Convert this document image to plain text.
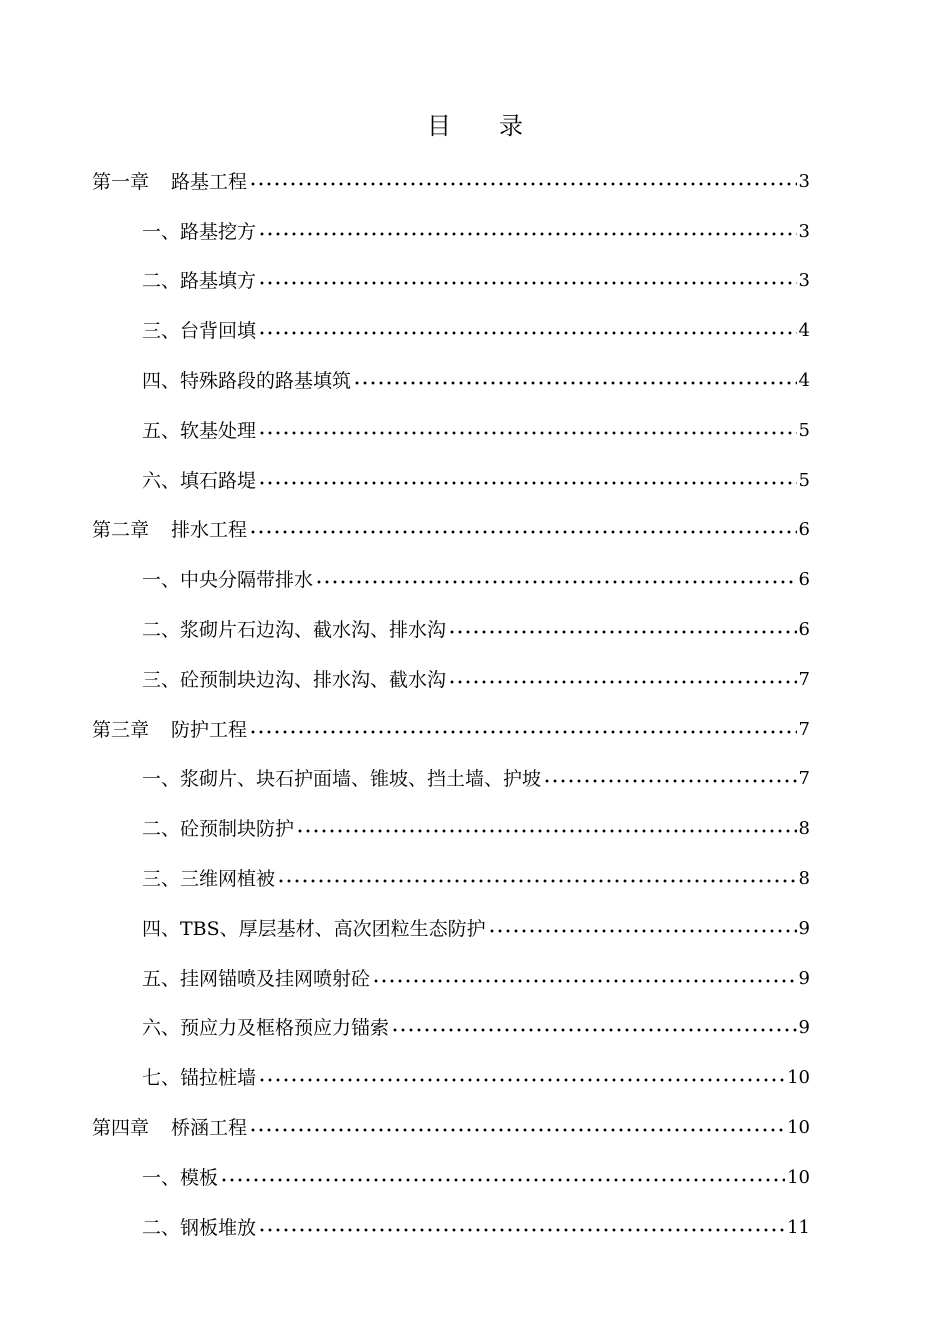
目　　录
第一章 路基工程	3
一、路基挖方	3
二、路基填方	3
三、台背回填	4
四、特殊路段的路基填筑	4
五、软基处理	5
六、填石路堤	5
第二章 排水工程	6
一、中央分隔带排水	6
二、浆砌片石边沟、截水沟、排水沟	6
三、砼预制块边沟、排水沟、截水沟	7
第三章 防护工程	7
一、浆砌片、块石护面墙、锥坡、挡土墙、护坡	7
二、砼预制块防护	8
三、三维网植被	8
四、TBS、厚层基材、高次团粒生态防护	9
五、挂网锚喷及挂网喷射砼	9
六、预应力及框格预应力锚索	9
七、锚拉桩墙	10
第四章 桥涵工程	10
一、模板	10
二、钢板堆放	11
